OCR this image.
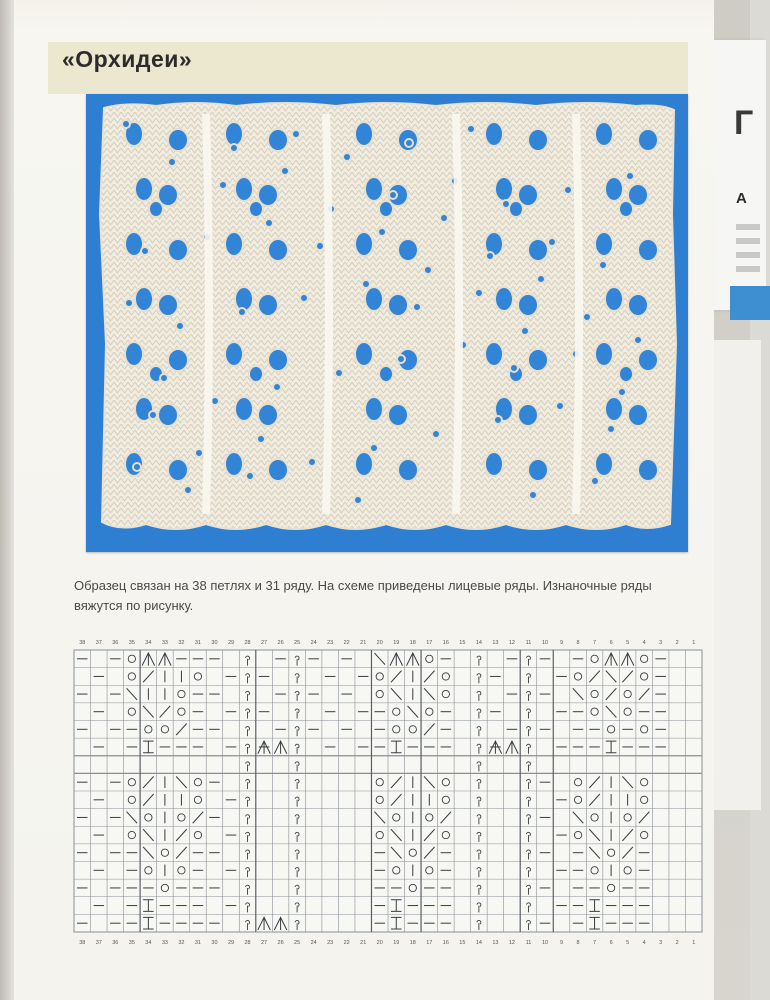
Г
А
«Орхидеи»
Образец связан на 38 петлях и 31 ряду. На схеме приведены лицевые ряды. Изнаночные ряды вяжутся по рисунку.
38
38
37
37
36
36
35
35
34
34
33
33
32
32
31
31
30
30
29
29
28
28
27
27
26
26
25
25
24
24
23
23
22
22
21
21
20
20
19
19
18
18
17
17
16
16
15
15
14
14
13
13
12
12
11
11
10
10
9
9
8
8
7
7
6
6
5
5
4
4
3
3
2
2
1
1
